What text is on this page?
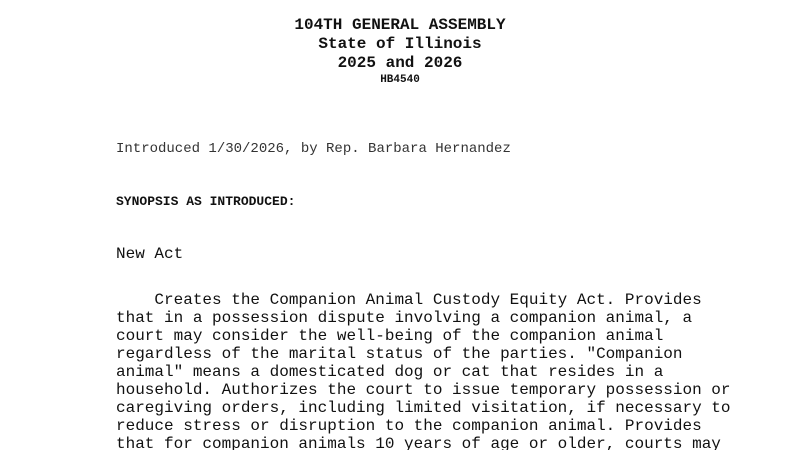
104TH GENERAL ASSEMBLY
State of Illinois
2025 and 2026
HB4540
Introduced 1/30/2026, by Rep. Barbara Hernandez
SYNOPSIS AS INTRODUCED:
New Act
Creates the Companion Animal Custody Equity Act. Provides
that in a possession dispute involving a companion animal, a
court may consider the well-being of the companion animal
regardless of the marital status of the parties. "Companion
animal" means a domesticated dog or cat that resides in a
household. Authorizes the court to issue temporary possession or
caregiving orders, including limited visitation, if necessary to
reduce stress or disruption to the companion animal. Provides
that for companion animals 10 years of age or older, courts may
